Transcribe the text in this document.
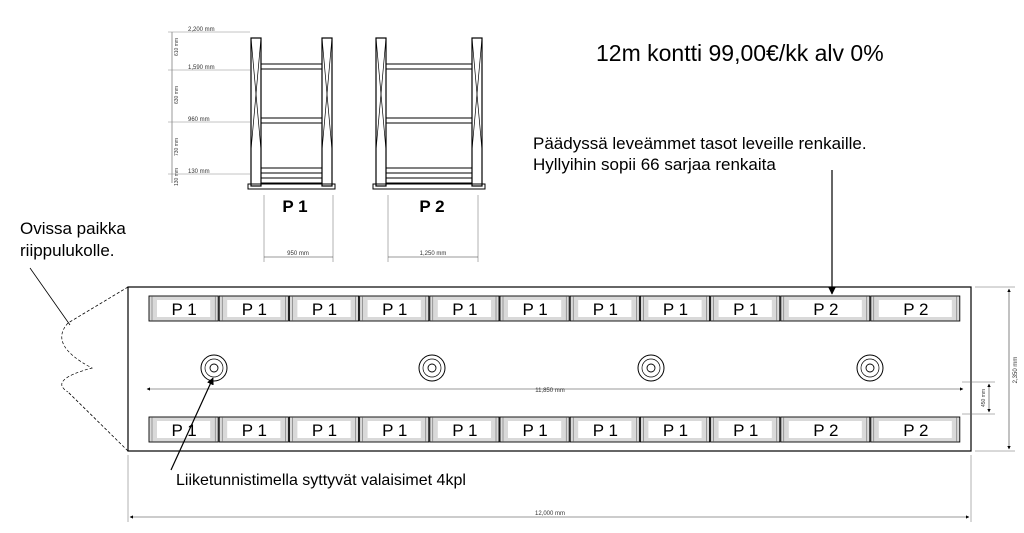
12m kontti 99,00€/kk alv 0%

Päädyssä leveämmet tasot leveille renkaille.

Hyllyihin sopii 66 sarjaa renkaita

Ovissa paikka

riippulukolle.

Liiketunnistimella syttyvät valaisimet 4kpl

2,200 mm
1,590 mm
960 mm
130 mm
610 mm
630 mm
730 mm
130 mm
P 1
950 mm
P 2
1,250 mm
P 1	P 1	P 1	P 1	P 1	P 1	P 1	P 1	P 1	P 2	P 2
P 1	P 1	P 1	P 1	P 1	P 1	P 1	P 1	P 1	P 2	P 2
11,850 mm
12,000 mm
2,350 mm
450 mm
